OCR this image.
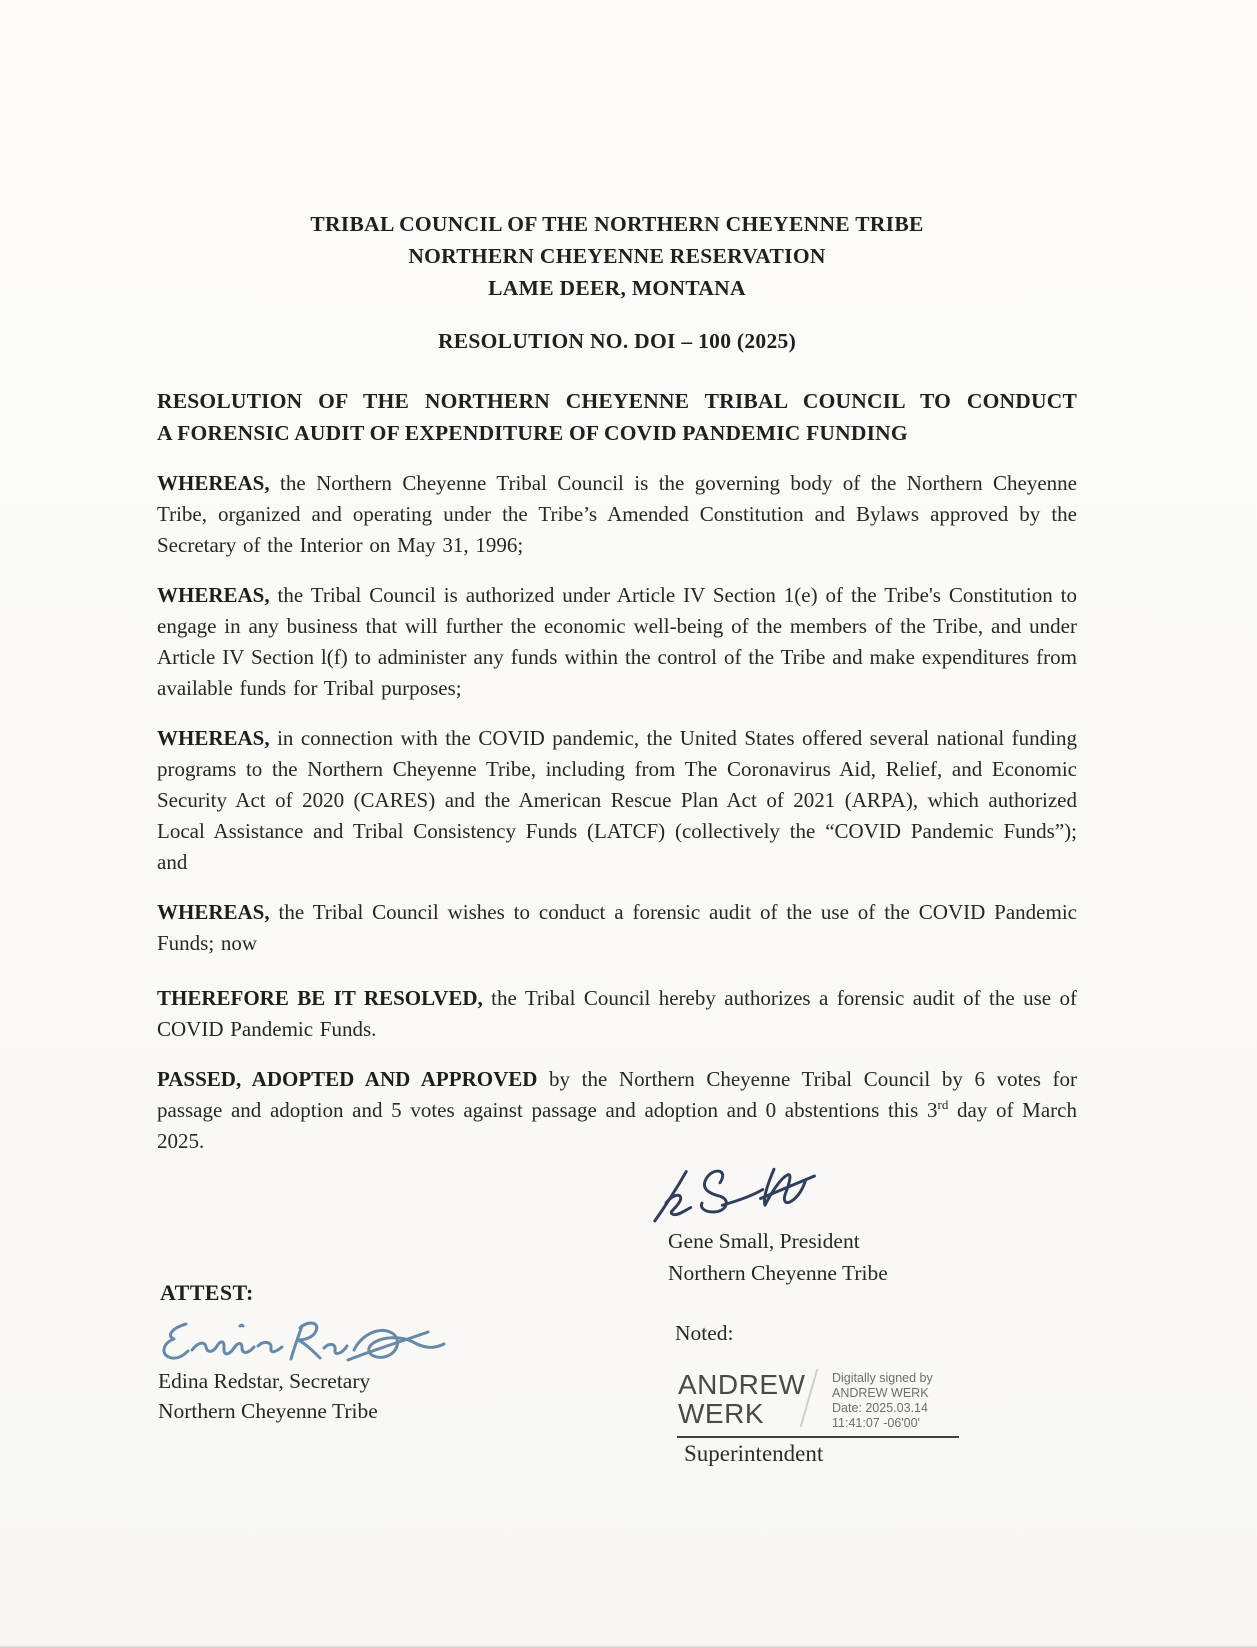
TRIBAL COUNCIL OF THE NORTHERN CHEYENNE TRIBE
NORTHERN CHEYENNE RESERVATION
LAME DEER, MONTANA
RESOLUTION NO. DOI – 100 (2025)
RESOLUTION OF THE NORTHERN CHEYENNE TRIBAL COUNCIL TO CONDUCT
A FORENSIC AUDIT OF EXPENDITURE OF COVID PANDEMIC FUNDING
WHEREAS, the Northern Cheyenne Tribal Council is the governing body of the Northern Cheyenne Tribe, organized and operating under the Tribe’s Amended Constitution and Bylaws approved by the Secretary of the Interior on May 31, 1996;
WHEREAS, the Tribal Council is authorized under Article IV Section 1(e) of the Tribe's Constitution to engage in any business that will further the economic well-being of the members of the Tribe, and under Article IV Section l(f) to administer any funds within the control of the Tribe and make expenditures from available funds for Tribal purposes;
WHEREAS, in connection with the COVID pandemic, the United States offered several national funding programs to the Northern Cheyenne Tribe, including from The Coronavirus Aid, Relief, and Economic Security Act of 2020 (CARES) and the American Rescue Plan Act of 2021 (ARPA), which authorized Local Assistance and Tribal Consistency Funds (LATCF) (collectively the “COVID Pandemic Funds”); and
WHEREAS, the Tribal Council wishes to conduct a forensic audit of the use of the COVID Pandemic Funds; now
THEREFORE BE IT RESOLVED, the Tribal Council hereby authorizes a forensic audit of the use of COVID Pandemic Funds.
PASSED, ADOPTED AND APPROVED by the Northern Cheyenne Tribal Council by 6 votes for passage and adoption and 5 votes against passage and adoption and 0 abstentions this 3rd day of March 2025.
Gene Small, President
Northern Cheyenne Tribe
ATTEST:
Edina Redstar, Secretary
Northern Cheyenne Tribe
Noted:
ANDREW WERK
Digitally signed by
ANDREW WERK
Date: 2025.03.14
11:41:07 -06'00'
Superintendent
